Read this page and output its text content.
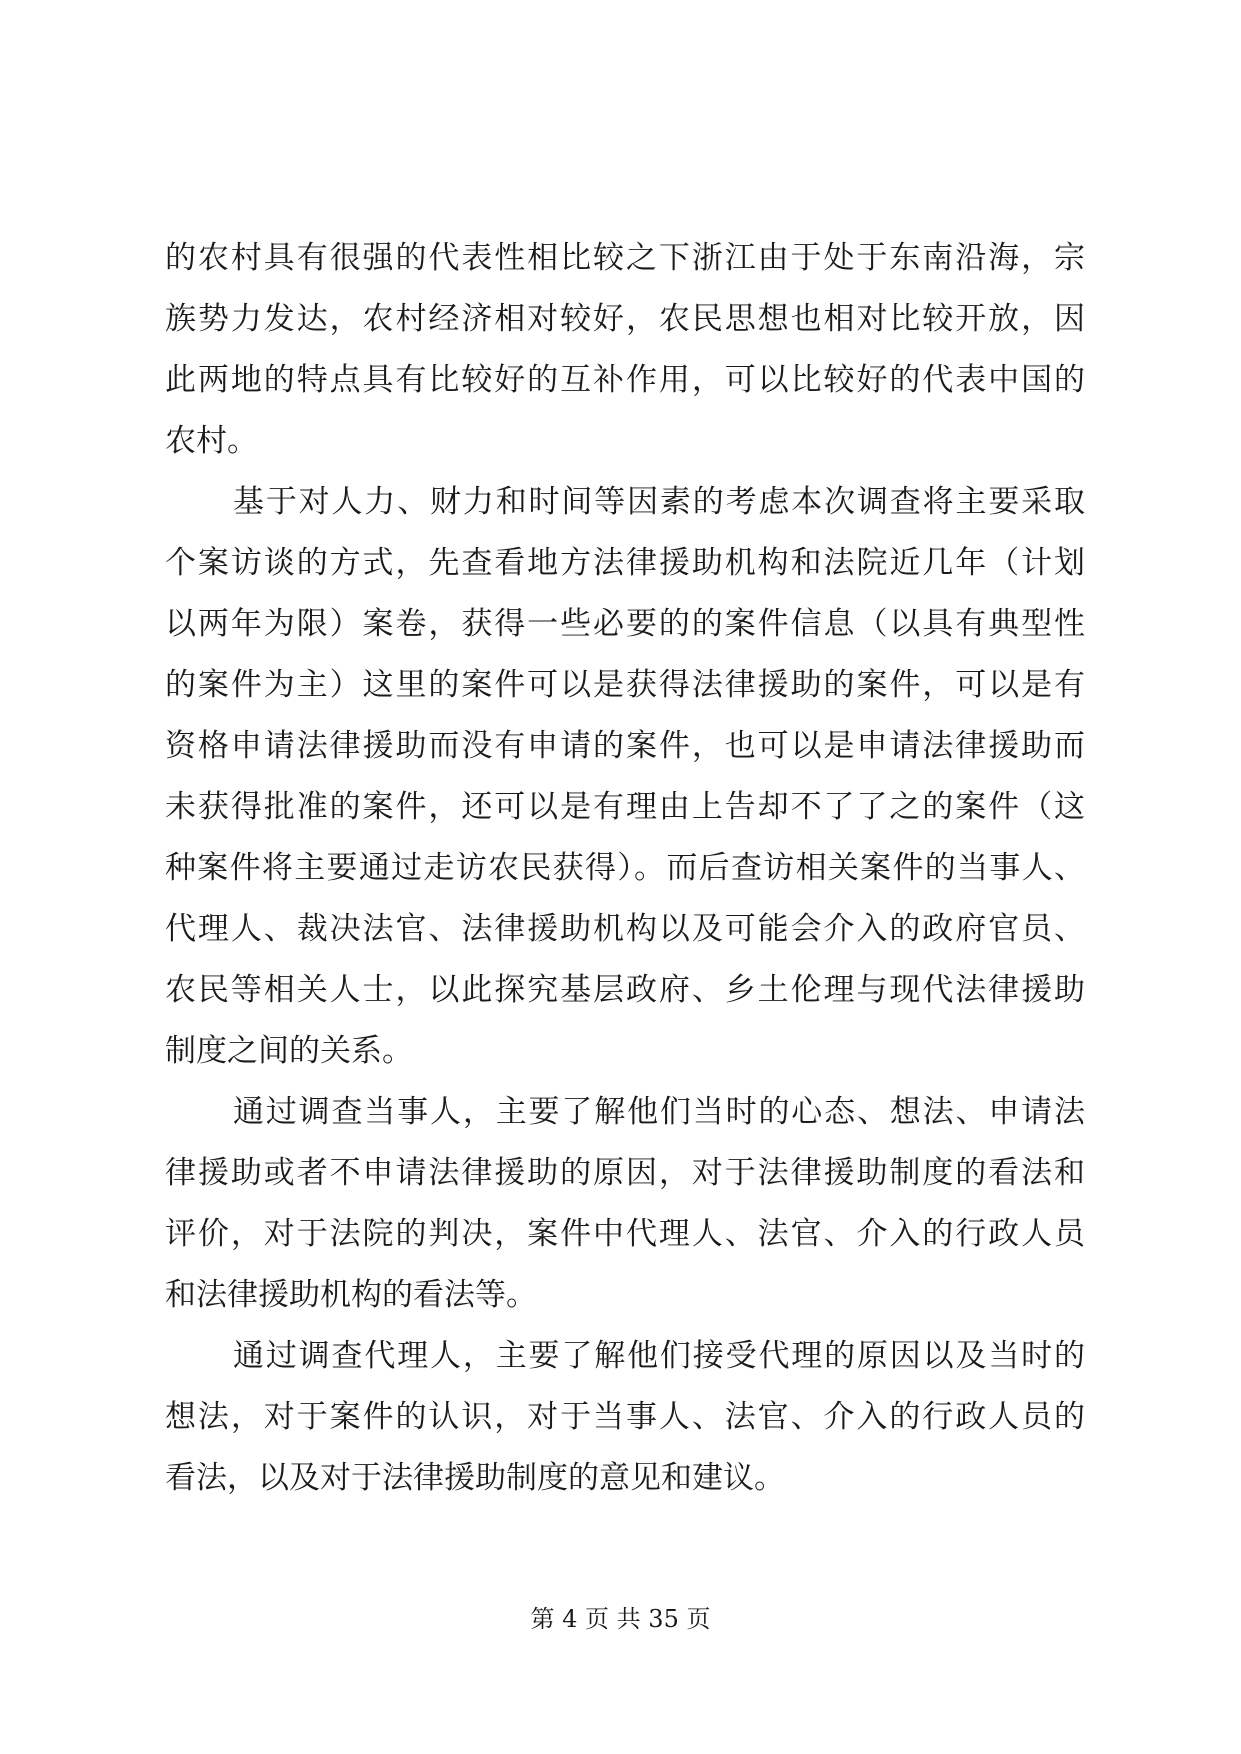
的农村具有很强的代表性相比较之下浙江由于处于东南沿海，宗
族势力发达，农村经济相对较好，农民思想也相对比较开放，因
此两地的特点具有比较好的互补作用，可以比较好的代表中国的
农村。
基于对人力、财力和时间等因素的考虑本次调查将主要采取
个案访谈的方式，先查看地方法律援助机构和法院近几年（计划
以两年为限）案卷，获得一些必要的的案件信息（以具有典型性
的案件为主）这里的案件可以是获得法律援助的案件，可以是有
资格申请法律援助而没有申请的案件，也可以是申请法律援助而
未获得批准的案件，还可以是有理由上告却不了了之的案件（这
种案件将主要通过走访农民获得）。而后查访相关案件的当事人、
代理人、裁决法官、法律援助机构以及可能会介入的政府官员、
农民等相关人士，以此探究基层政府、乡土伦理与现代法律援助
制度之间的关系。
通过调查当事人，主要了解他们当时的心态、想法、申请法
律援助或者不申请法律援助的原因，对于法律援助制度的看法和
评价，对于法院的判决，案件中代理人、法官、介入的行政人员
和法律援助机构的看法等。
通过调查代理人，主要了解他们接受代理的原因以及当时的
想法，对于案件的认识，对于当事人、法官、介入的行政人员的
看法，以及对于法律援助制度的意见和建议。
第 4 页 共 35 页
